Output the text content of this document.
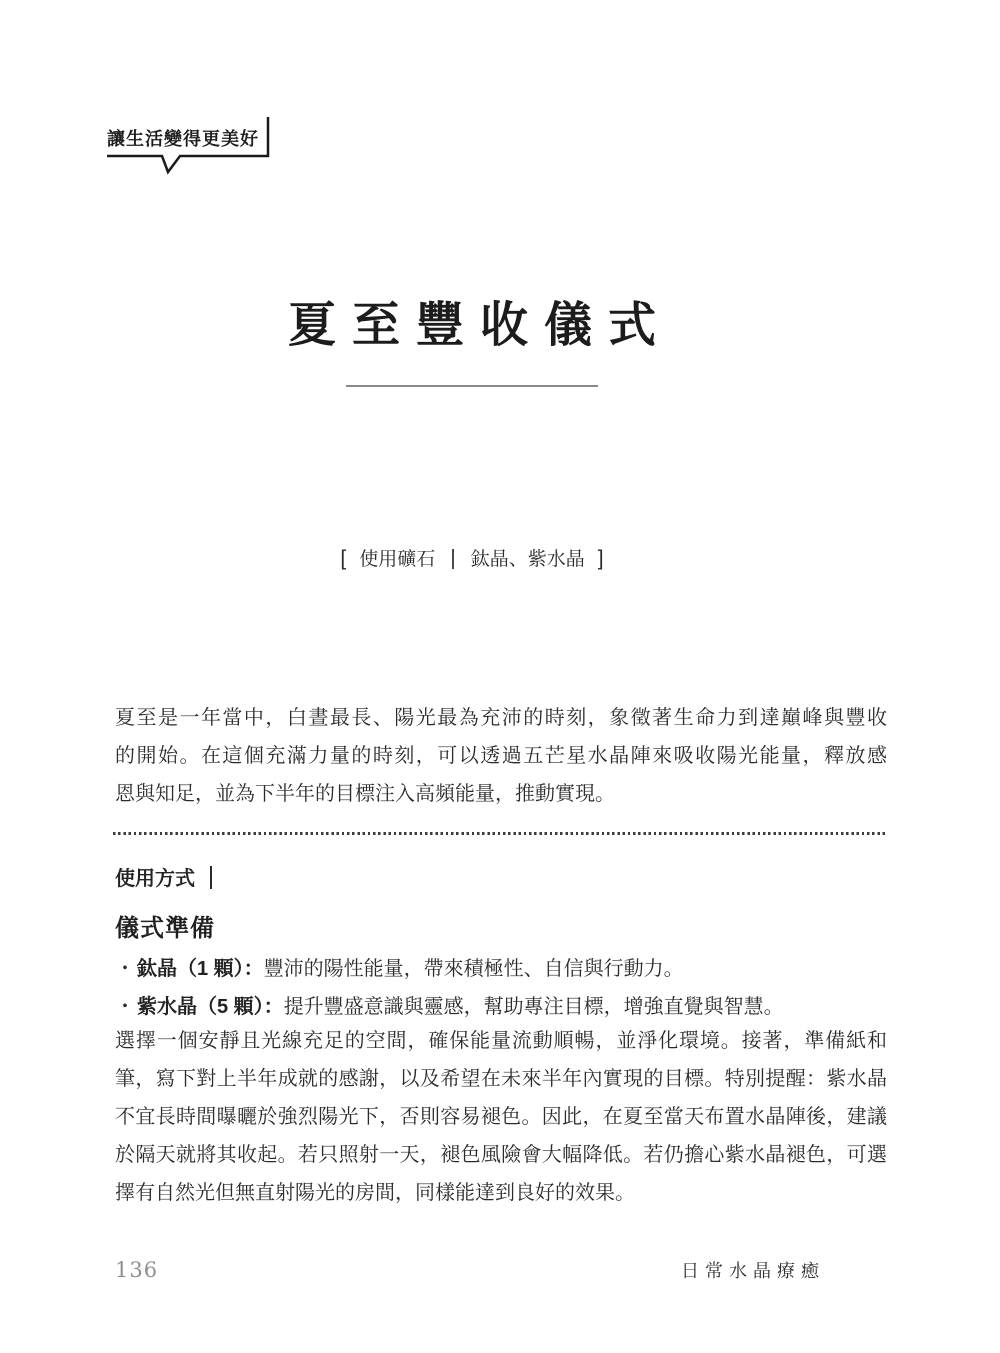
讓生活變得更美好
夏至豐收儀式
[ 使用礦石 鈦晶、紫水晶 ]
夏至是一年當中，白晝最長、陽光最為充沛的時刻，象徵著生命力到達巔峰與豐收
的開始。在這個充滿力量的時刻，可以透過五芒星水晶陣來吸收陽光能量，釋放感
恩與知足，並為下半年的目標注入高頻能量，推動實現。
使用方式
儀式準備
・ 鈦晶（1 顆）：豐沛的陽性能量，帶來積極性、自信與行動力。
・ 紫水晶（5 顆）：提升豐盛意識與靈感，幫助專注目標，增強直覺與智慧。
選擇一個安靜且光線充足的空間，確保能量流動順暢，並淨化環境。接著，準備紙和
筆，寫下對上半年成就的感謝，以及希望在未來半年內實現的目標。特別提醒：紫水晶
不宜長時間曝曬於強烈陽光下，否則容易褪色。因此，在夏至當天布置水晶陣後，建議
於隔天就將其收起。若只照射一天，褪色風險會大幅降低。若仍擔心紫水晶褪色，可選
擇有自然光但無直射陽光的房間，同樣能達到良好的效果。
136	日常水晶療癒
